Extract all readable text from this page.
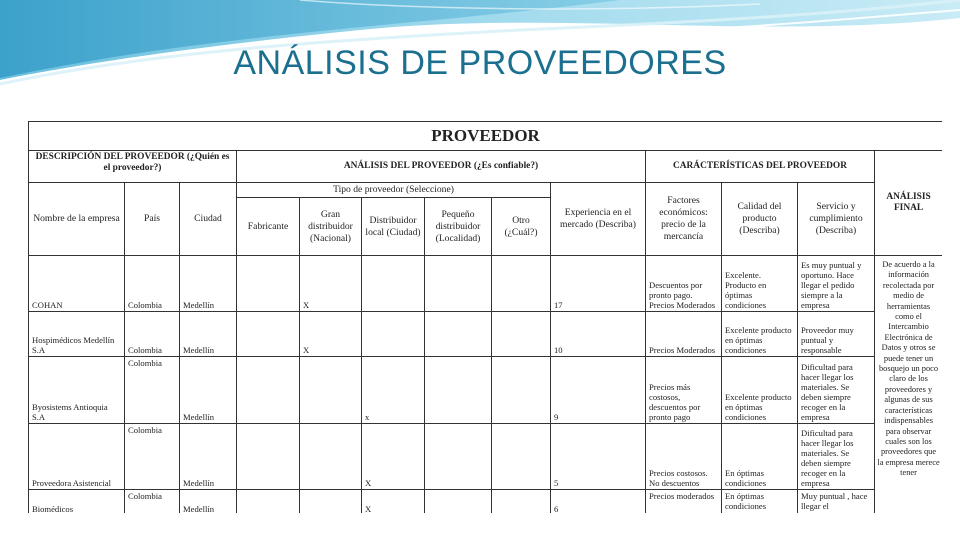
ANÁLISIS DE PROVEEDORES
PROVEEDOR												
DESCRIPCIÓN DEL PROVEEDOR (¿Quién es el proveedor?)			ANÁLISIS DEL PROVEEDOR (¿Es confiable?)						CARÁCTERÍSTICAS DEL PROVEEDOR			ANÁLISIS FINAL
Nombre de la empresa	País	Ciudad	Tipo de proveedor (Seleccione)					Experiencia en el mercado (Describa)	Factores económicos: precio de la mercancía	Calidad del producto (Describa)	Servicio y cumplimiento (Describa)	
			Fabricante	Gran distribuidor (Nacional)	Distribuidor local (Ciudad)	Pequeño distribuidor (Localidad)	Otro (¿Cuál?)					
COHAN	Colombia	Medellín		X				17	Descuentos por pronto pago. Precios Moderados	Excelente. Producto en óptimas condiciones	Es muy puntual y oportuno. Hace llegar el pedido siempre a la empresa	De acuerdo a la información recolectada por medio de herramientas como el Intercambio Electrónica de Datos y otros se puede tener un bosquejo un poco claro de los proveedores y algunas de sus características indispensables para observar cuales son los proveedores que la empresa merece tener
Hospimédicos Medellín S.A	Colombia	Medellín		X				10	Precios Moderados	Excelente producto en óptimas condiciones	Proveedor muy puntual y responsable	
Byosistems Antioquia S.A	Colombia	Medellín			x			9	Precios más costosos, descuentos por pronto pago	Excelente producto en óptimas condiciones	Dificultad para hacer llegar los materiales. Se deben siempre recoger en la empresa	
Proveedora Asistencial	Colombia	Medellín			X			5	Precios costosos. No descuentos	En óptimas condiciones	Dificultad para hacer llegar los materiales. Se deben siempre recoger en la empresa	
Biomédicos	Colombia	Medellín			X			6	Precios moderados	En óptimas condiciones	Muy puntual , hace llegar el	
